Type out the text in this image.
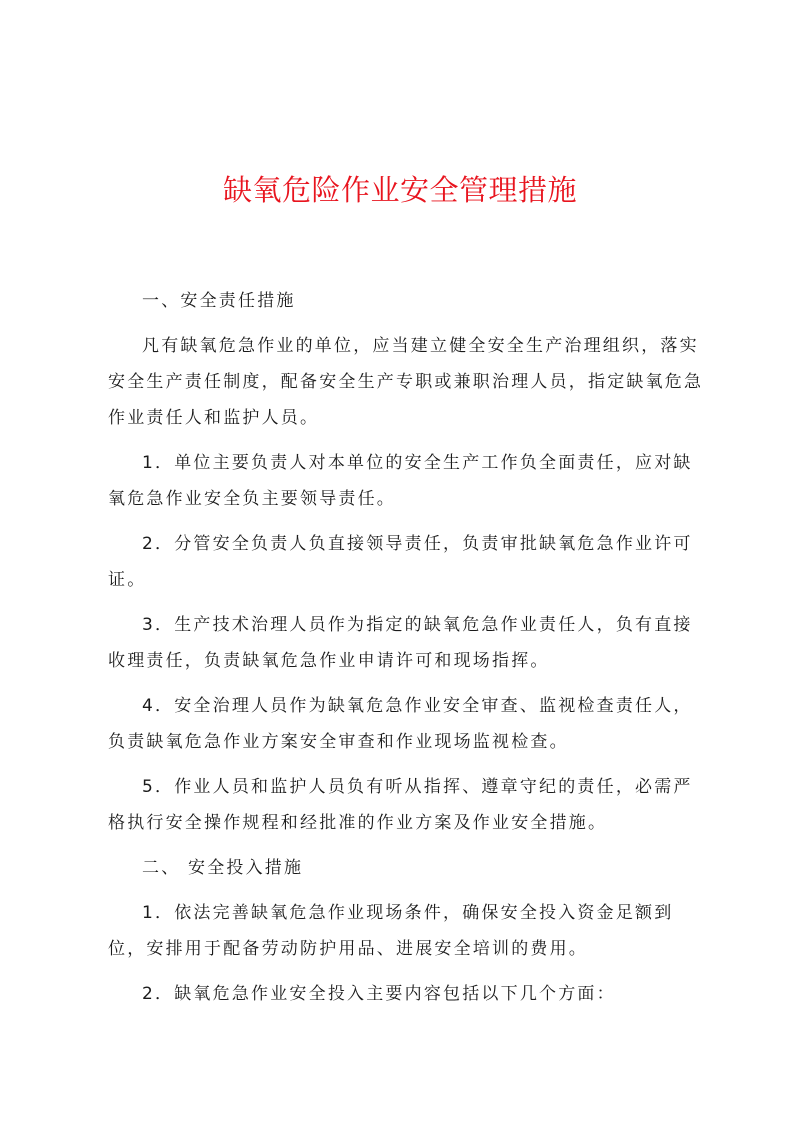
缺氧危险作业安全管理措施

一、安全责任措施

凡有缺氧危急作业的单位，应当建立健全安全生产治理组织，落实安全生产责任制度，配备安全生产专职或兼职治理人员，指定缺氧危急作业责任人和监护人员。

1．单位主要负责人对本单位的安全生产工作负全面责任，应对缺氧危急作业安全负主要领导责任。

2．分管安全负责人负直接领导责任，负责审批缺氧危急作业许可证。

3．生产技术治理人员作为指定的缺氧危急作业责任人，负有直接收理责任，负责缺氧危急作业申请许可和现场指挥。

4．安全治理人员作为缺氧危急作业安全审查、监视检查责任人，负责缺氧危急作业方案安全审查和作业现场监视检查。

5．作业人员和监护人员负有听从指挥、遵章守纪的责任，必需严格执行安全操作规程和经批准的作业方案及作业安全措施。

二、 安全投入措施

1．依法完善缺氧危急作业现场条件，确保安全投入资金足额到位，安排用于配备劳动防护用品、进展安全培训的费用。

2．缺氧危急作业安全投入主要内容包括以下几个方面：
